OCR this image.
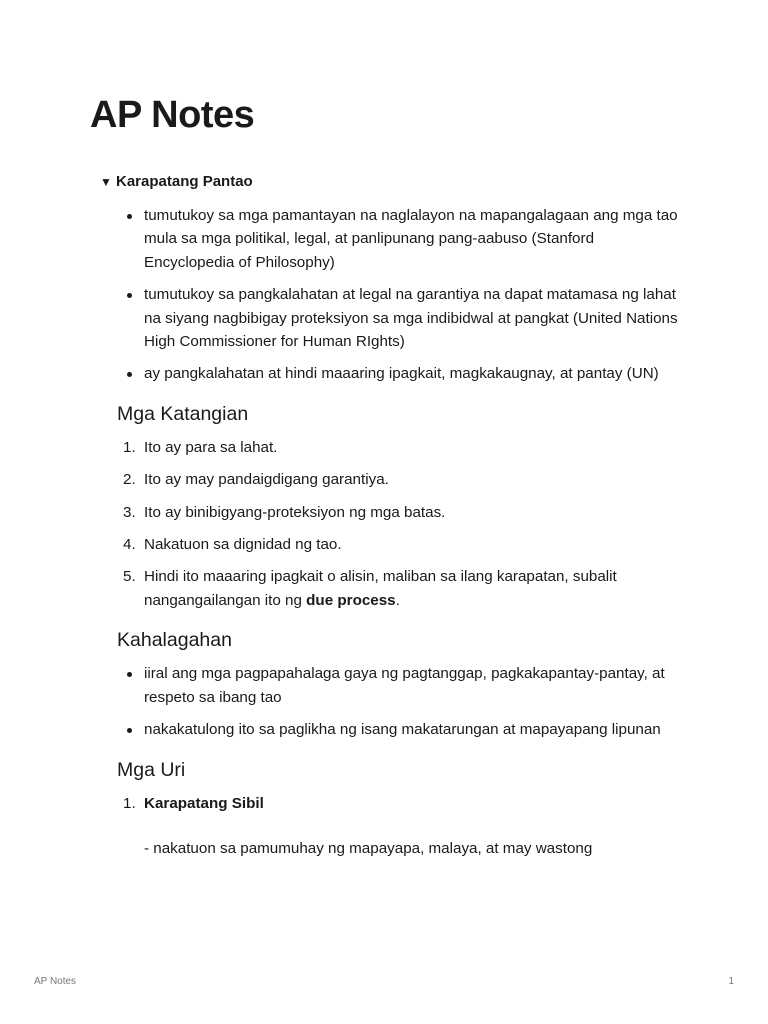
AP Notes
▼ Karapatang Pantao
tumutukoy sa mga pamantayan na naglalayon na mapangalagaan ang mga tao mula sa mga politikal, legal, at panlipunang pang-aabuso (Stanford Encyclopedia of Philosophy)
tumutukoy sa pangkalahatan at legal na garantiya na dapat matamasa ng lahat na siyang nagbibigay proteksiyon sa mga indibidwal at pangkat (United Nations High Commissioner for Human RIghts)
ay pangkalahatan at hindi maaaring ipagkait, magkakaugnay, at pantay (UN)
Mga Katangian
1. Ito ay para sa lahat.
2. Ito ay may pandaigdigang garantiya.
3. Ito ay binibigyang-proteksiyon ng mga batas.
4. Nakatuon sa dignidad ng tao.
5. Hindi ito maaaring ipagkait o alisin, maliban sa ilang karapatan, subalit nangangailangan ito ng due process.
Kahalagahan
iiral ang mga pagpapahalaga gaya ng pagtanggap, pagkakapantay-pantay, at respeto sa ibang tao
nakakatulong ito sa paglikha ng isang makatarungan at mapayapang lipunan
Mga Uri
1. Karapatang Sibil
- nakatuon sa pamumuhay ng mapayapa, malaya, at may wastong
AP Notes	1
